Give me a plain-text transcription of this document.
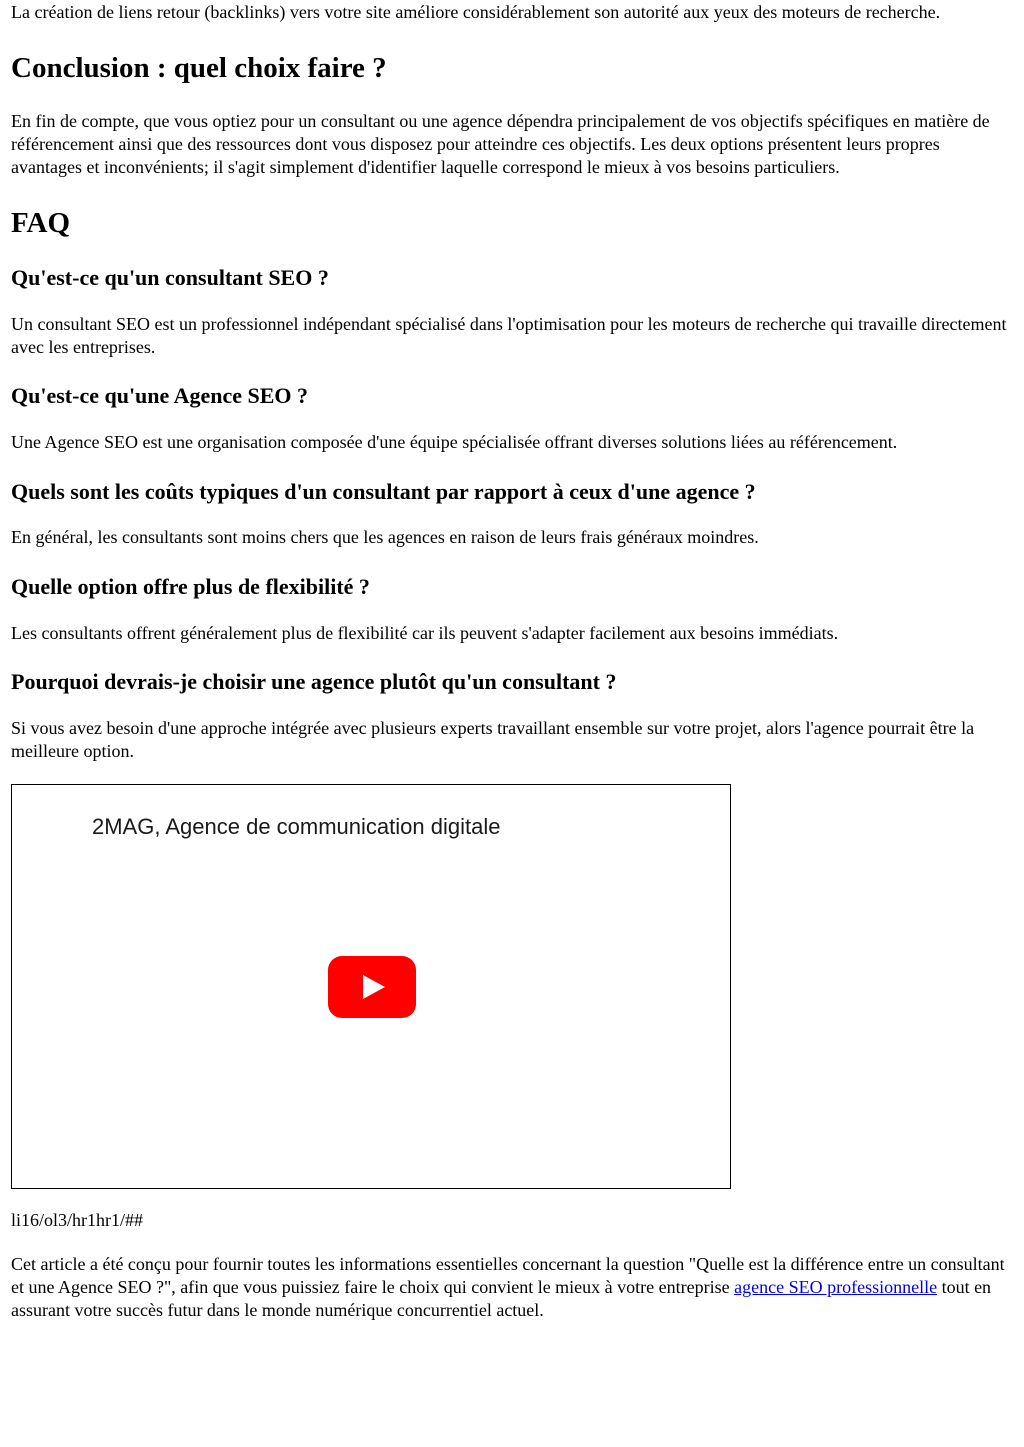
La création de liens retour (backlinks) vers votre site améliore considérablement son autorité aux yeux des moteurs de recherche.

Conclusion : quel choix faire ?

En fin de compte, que vous optiez pour un consultant ou une agence dépendra principalement de vos objectifs spécifiques en matière de référencement ainsi que des ressources dont vous disposez pour atteindre ces objectifs. Les deux options présentent leurs propres avantages et inconvénients; il s'agit simplement d'identifier laquelle correspond le mieux à vos besoins particuliers.

FAQ
Qu'est-ce qu'un consultant SEO ?

Un consultant SEO est un professionnel indépendant spécialisé dans l'optimisation pour les moteurs de recherche qui travaille directement avec les entreprises.

Qu'est-ce qu'une Agence SEO ?

Une Agence SEO est une organisation composée d'une équipe spécialisée offrant diverses solutions liées au référencement.

Quels sont les coûts typiques d'un consultant par rapport à ceux d'une agence ?

En général, les consultants sont moins chers que les agences en raison de leurs frais généraux moindres.

Quelle option offre plus de flexibilité ?

Les consultants offrent généralement plus de flexibilité car ils peuvent s'adapter facilement aux besoins immédiats.

Pourquoi devrais-je choisir une agence plutôt qu'un consultant ?

Si vous avez besoin d'une approche intégrée avec plusieurs experts travaillant ensemble sur votre projet, alors l'agence pourrait être la meilleure option.

2MAG, Agence de communication digitale

li16/ol3/hr1hr1/##

Cet article a été conçu pour fournir toutes les informations essentielles concernant la question "Quelle est la différence entre un consultant et une Agence SEO ?", afin que vous puissiez faire le choix qui convient le mieux à votre entreprise agence SEO professionnelle tout en assurant votre succès futur dans le monde numérique concurrentiel actuel.
